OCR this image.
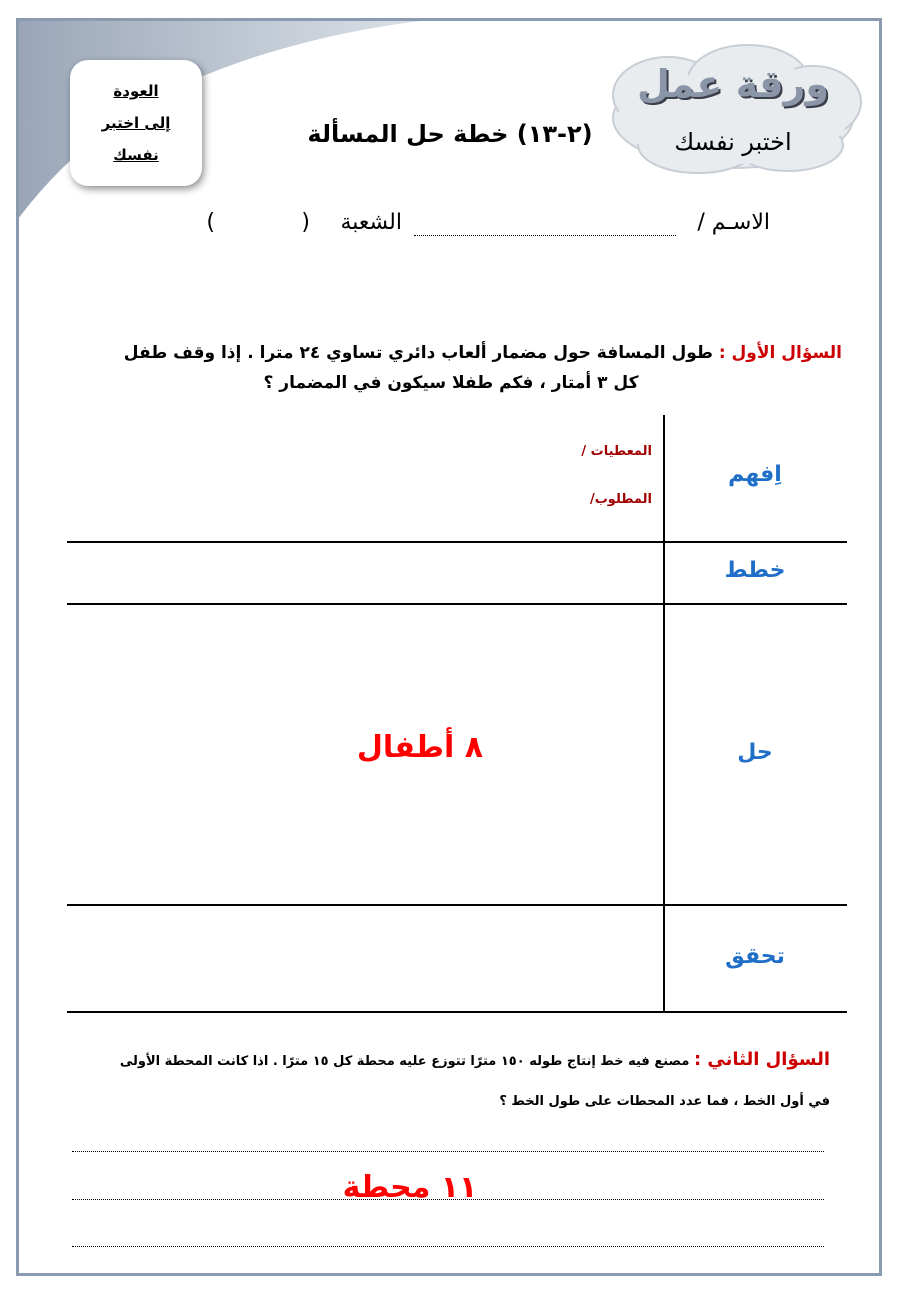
العودة
إلى اختبر
نفسك
ورقة عمل
اختبر نفسك
(٢-١٣) خطة حل المسألة
الاسـم /
الشعبة
(
)
السؤال الأول : طول المسافة حول مضمار ألعاب دائري تساوي ٢٤ مترا . إذا وقف طفل
كل ٣ أمتار ، فكم طفلا سيكون في المضمار ؟
اِفهم
المعطيات /
المطلوب/
خطط
حل
٨ أطفال
تحقق
السؤال الثاني : مصنع فيه خط إنتاج طوله ١٥٠ مترًا تتوزع عليه محطة كل ١٥ مترًا . اذا كانت المحطة الأولى
في أول الخط ، فما عدد المحطات على طول الخط ؟
١١ محطة
